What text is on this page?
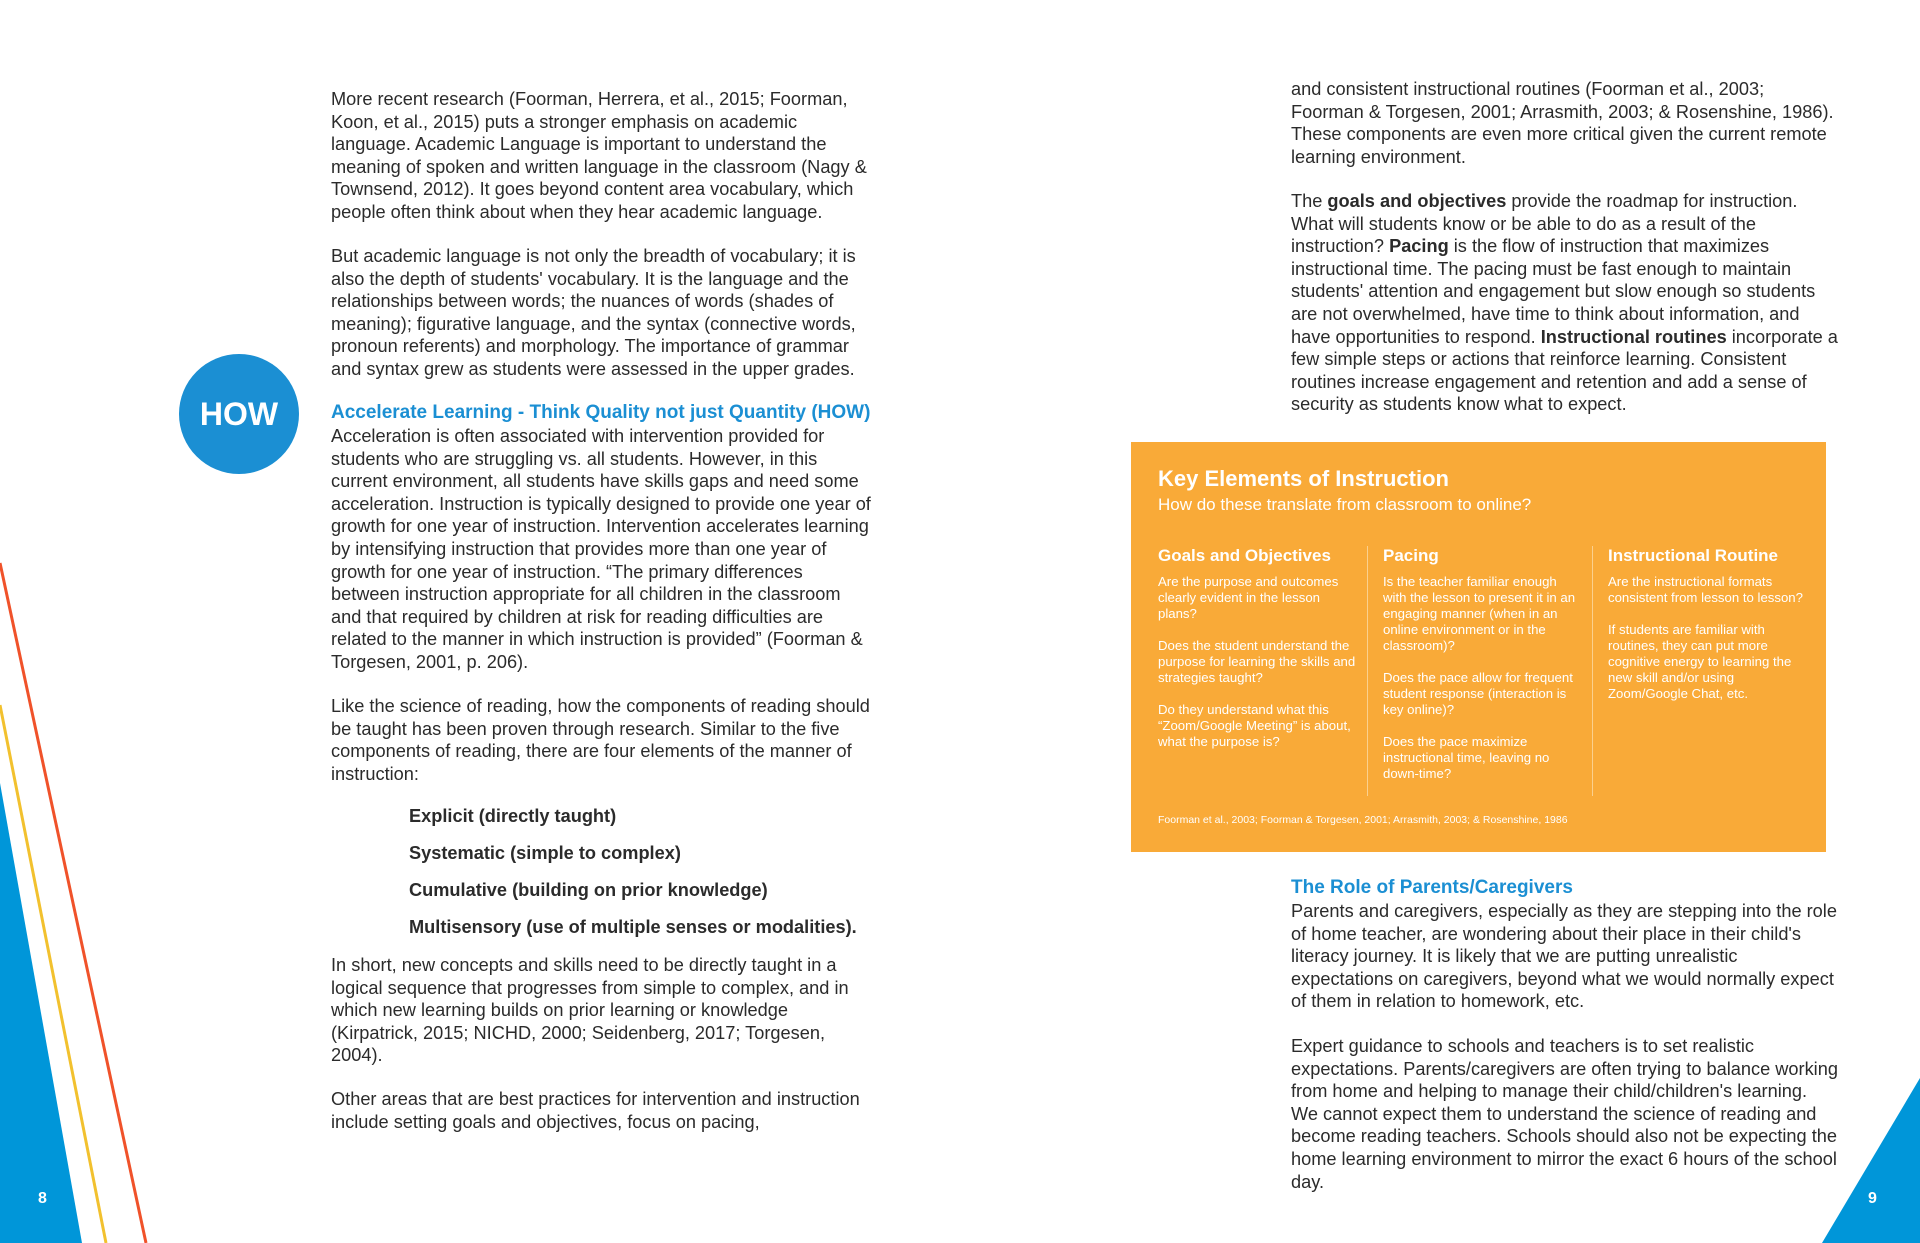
8	9
HOW

More recent research (Foorman, Herrera, et al., 2015; Foorman, Koon, et al., 2015) puts a stronger emphasis on academic language. Academic Language is important to understand the meaning of spoken and written language in the classroom (Nagy & Townsend, 2012). It goes beyond content area vocabulary, which people often think about when they hear academic language.

But academic language is not only the breadth of vocabulary; it is also the depth of students' vocabulary. It is the language and the relationships between words; the nuances of words (shades of meaning); figurative language, and the syntax (connective words, pronoun referents) and morphology. The importance of grammar and syntax grew as students were assessed in the upper grades.

Accelerate Learning - Think Quality not just Quantity (HOW)

Acceleration is often associated with intervention provided for students who are struggling vs. all students. However, in this current environment, all students have skills gaps and need some acceleration. Instruction is typically designed to provide one year of growth for one year of instruction. Intervention accelerates learning by intensifying instruction that provides more than one year of growth for one year of instruction. “The primary differences between instruction appropriate for all children in the classroom and that required by children at risk for reading difficulties are related to the manner in which instruction is provided” (Foorman & Torgesen, 2001, p. 206).

Like the science of reading, how the components of reading should be taught has been proven through research. Similar to the five components of reading, there are four elements of the manner of instruction:

Explicit (directly taught)
Systematic (simple to complex)
Cumulative (building on prior knowledge)
Multisensory (use of multiple senses or modalities).

In short, new concepts and skills need to be directly taught in a logical sequence that progresses from simple to complex, and in which new learning builds on prior learning or knowledge (Kirpatrick, 2015; NICHD, 2000; Seidenberg, 2017; Torgesen, 2004).

Other areas that are best practices for intervention and instruction include setting goals and objectives, focus on pacing,

and consistent instructional routines (Foorman et al., 2003; Foorman & Torgesen, 2001; Arrasmith, 2003; & Rosenshine, 1986). These components are even more critical given the current remote learning environment.

The goals and objectives provide the roadmap for instruction. What will students know or be able to do as a result of the instruction? Pacing is the flow of instruction that maximizes instructional time. The pacing must be fast enough to maintain students' attention and engagement but slow enough so students are not overwhelmed, have time to think about information, and have opportunities to respond. Instructional routines incorporate a few simple steps or actions that reinforce learning. Consistent routines increase engagement and retention and add a sense of security as students know what to expect.

Key Elements of Instruction
How do these translate from classroom to online?
Goals and Objectives

Are the purpose and outcomes clearly evident in the lesson plans?

Does the student understand the purpose for learning the skills and strategies taught?

Do they understand what this “Zoom/Google Meeting” is about, what the purpose is?

Pacing

Is the teacher familiar enough with the lesson to present it in an engaging manner (when in an online environment or in the classroom)?

Does the pace allow for frequent student response (interaction is key online)?

Does the pace maximize instructional time, leaving no down-time?

Instructional Routine

Are the instructional formats consistent from lesson to lesson?

If students are familiar with routines, they can put more cognitive energy to learning the new skill and/or using Zoom/Google Chat, etc.

Foorman et al., 2003; Foorman & Torgesen, 2001; Arrasmith, 2003; & Rosenshine, 1986
The Role of Parents/Caregivers

Parents and caregivers, especially as they are stepping into the role of home teacher, are wondering about their place in their child's literacy journey. It is likely that we are putting unrealistic expectations on caregivers, beyond what we would normally expect of them in relation to homework, etc.

Expert guidance to schools and teachers is to set realistic expectations. Parents/caregivers are often trying to balance working from home and helping to manage their child/children's learning. We cannot expect them to understand the science of reading and become reading teachers. Schools should also not be expecting the home learning environment to mirror the exact 6 hours of the school day.
